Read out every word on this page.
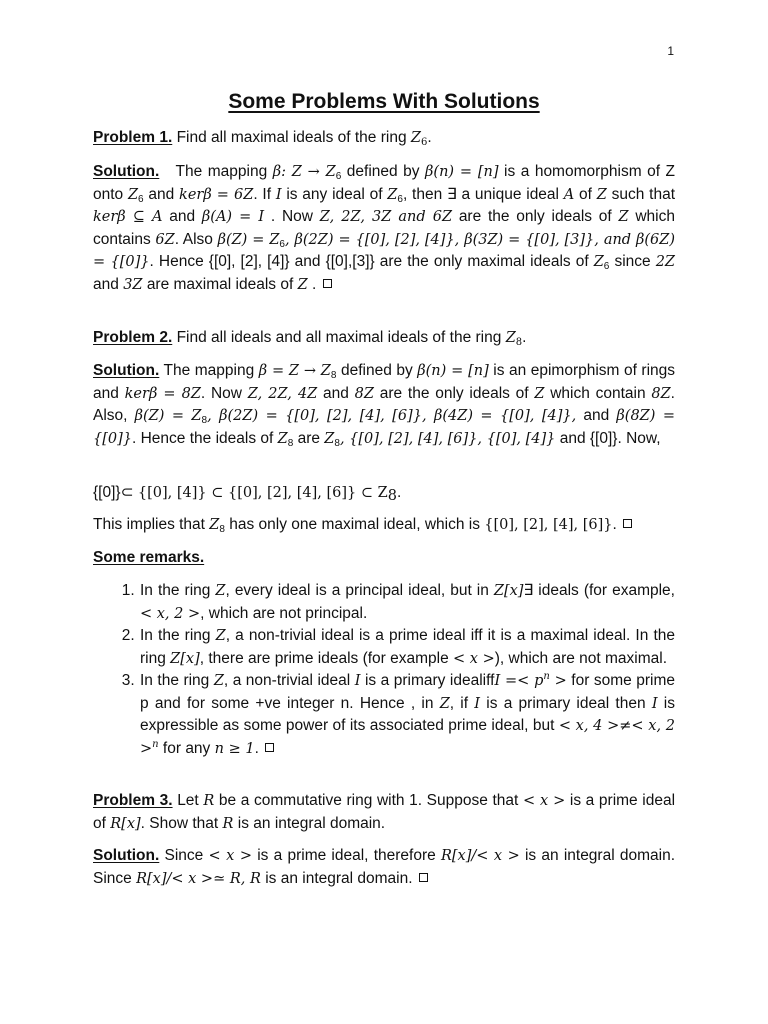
1
Some Problems With Solutions
Problem 1. Find all maximal ideals of the ring $Z_6$.
Solution. The mapping β: $Z \to Z_6$ defined by β(n) = [n] is a homomorphism of Z onto $Z_6$ and kerβ = 6Z. If I is any ideal of $Z_6$, then ∃ a unique ideal A of Z such that kerβ ⊆ A and β(A) = I . Now Z, 2Z, 3Z and 6Z are the only ideals of Z which contains 6Z. Also $\beta(Z) = Z_6$, β(2Z) = {[0], [2], [4]}, β(3Z) = {[0], [3]}, and β(6Z) = {[0]}. Hence {[0], [2], [4]} and {[0],[3]} are the only maximal ideals of $Z_6$ since 2Z and 3Z are maximal ideals of Z .
Problem 2. Find all ideals and all maximal ideals of the ring $Z_8$.
Solution. The mapping $\beta = Z \to Z_8$ defined by β(n) = [n] is an epimorphism of rings and kerβ = 8Z. Now Z, 2Z, 4Z and 8Z are the only ideals of Z which contain 8Z. Also, $\beta(Z) = Z_8$, β(2Z) = {[0], [2], [4], [6]}, β(4Z) = {[0], [4]}, and β(8Z) = {[0]}. Hence the ideals of $Z_8$ are $Z_8$, {[0], [2], [4], [6]}, {[0], [4]} and {[0]}. Now,
{[0]}⊂ {[0], [4]} ⊂ {[0], [2], [4], [6]} ⊂ $Z_8$.
This implies that $Z_8$ has only one maximal ideal, which is {[0], [2], [4], [6]}.
Some remarks.
1. In the ring Z, every ideal is a principal ideal, but in Z[x]∃ ideals (for example, < x, 2 >, which are not principal.
2. In the ring Z, a non-trivial ideal is a prime ideal iff it is a maximal ideal. In the ring Z[x], there are prime ideals (for example < x >), which are not maximal.
3. In the ring Z, a non-trivial ideal I is a primary idealiffI =< $p^n$ > for some prime p and for some +ve integer n. Hence , in Z, if I is a primary ideal then I is expressible as some power of its associated prime ideal, but < x, 4 >≠< x, 2 >$^n$ for any n ≥ 1.
Problem 3. Let R be a commutative ring with 1. Suppose that < x > is a prime ideal of R[x]. Show that R is an integral domain.
Solution. Since < x > is a prime ideal, therefore R[x]/< x > is an integral domain. Since R[x]/< x >≃ R, R is an integral domain.
